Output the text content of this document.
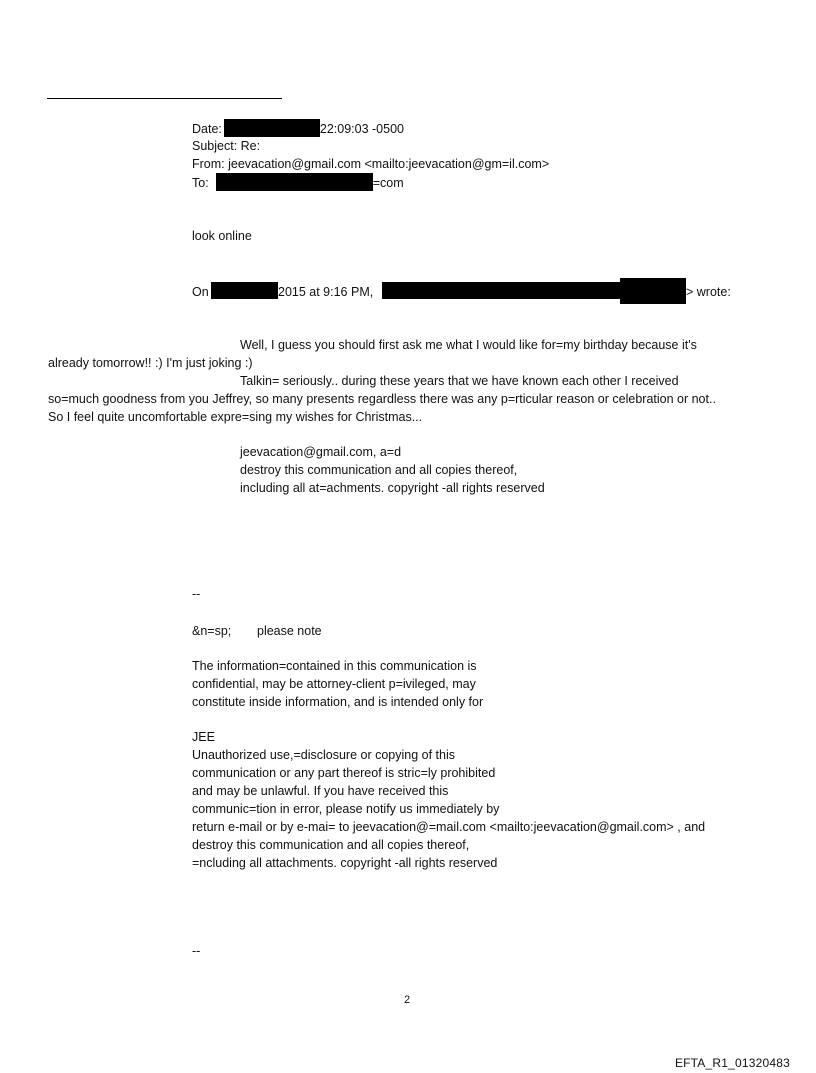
Date:	22:09:03 -0500
Subject: Re:
From: jeevacation@gmail.com <mailto:jeevacation@gm=il.com>
To:	=com
look online
On	2015 at 9:16 PM,	> wrote:
Well, I guess you should first ask me what I would like for=my birthday because it's
already tomorrow!! :) I'm just joking :)
Talkin= seriously.. during these years that we have known each other I received
so=much goodness from you Jeffrey, so many presents regardless there was any p=rticular reason or celebration or not..
So I feel quite uncomfortable expre=sing my wishes for Christmas...
jeevacation@gmail.com, a=d
destroy this communication and all copies thereof,
including all at=achments. copyright -all rights reserved
--
&n=sp; please note
The information=contained in this communication is
confidential, may be attorney-client p=ivileged, may
constitute inside information, and is intended only for
JEE
Unauthorized use,=disclosure or copying of this
communication or any part thereof is stric=ly prohibited
and may be unlawful. If you have received this
communic=tion in error, please notify us immediately by
return e-mail or by e-mai= to jeevacation@=mail.com <mailto:jeevacation@gmail.com> , and
destroy this communication and all copies thereof,
=ncluding all attachments. copyright -all rights reserved
--
2
EFTA_R1_01320483
